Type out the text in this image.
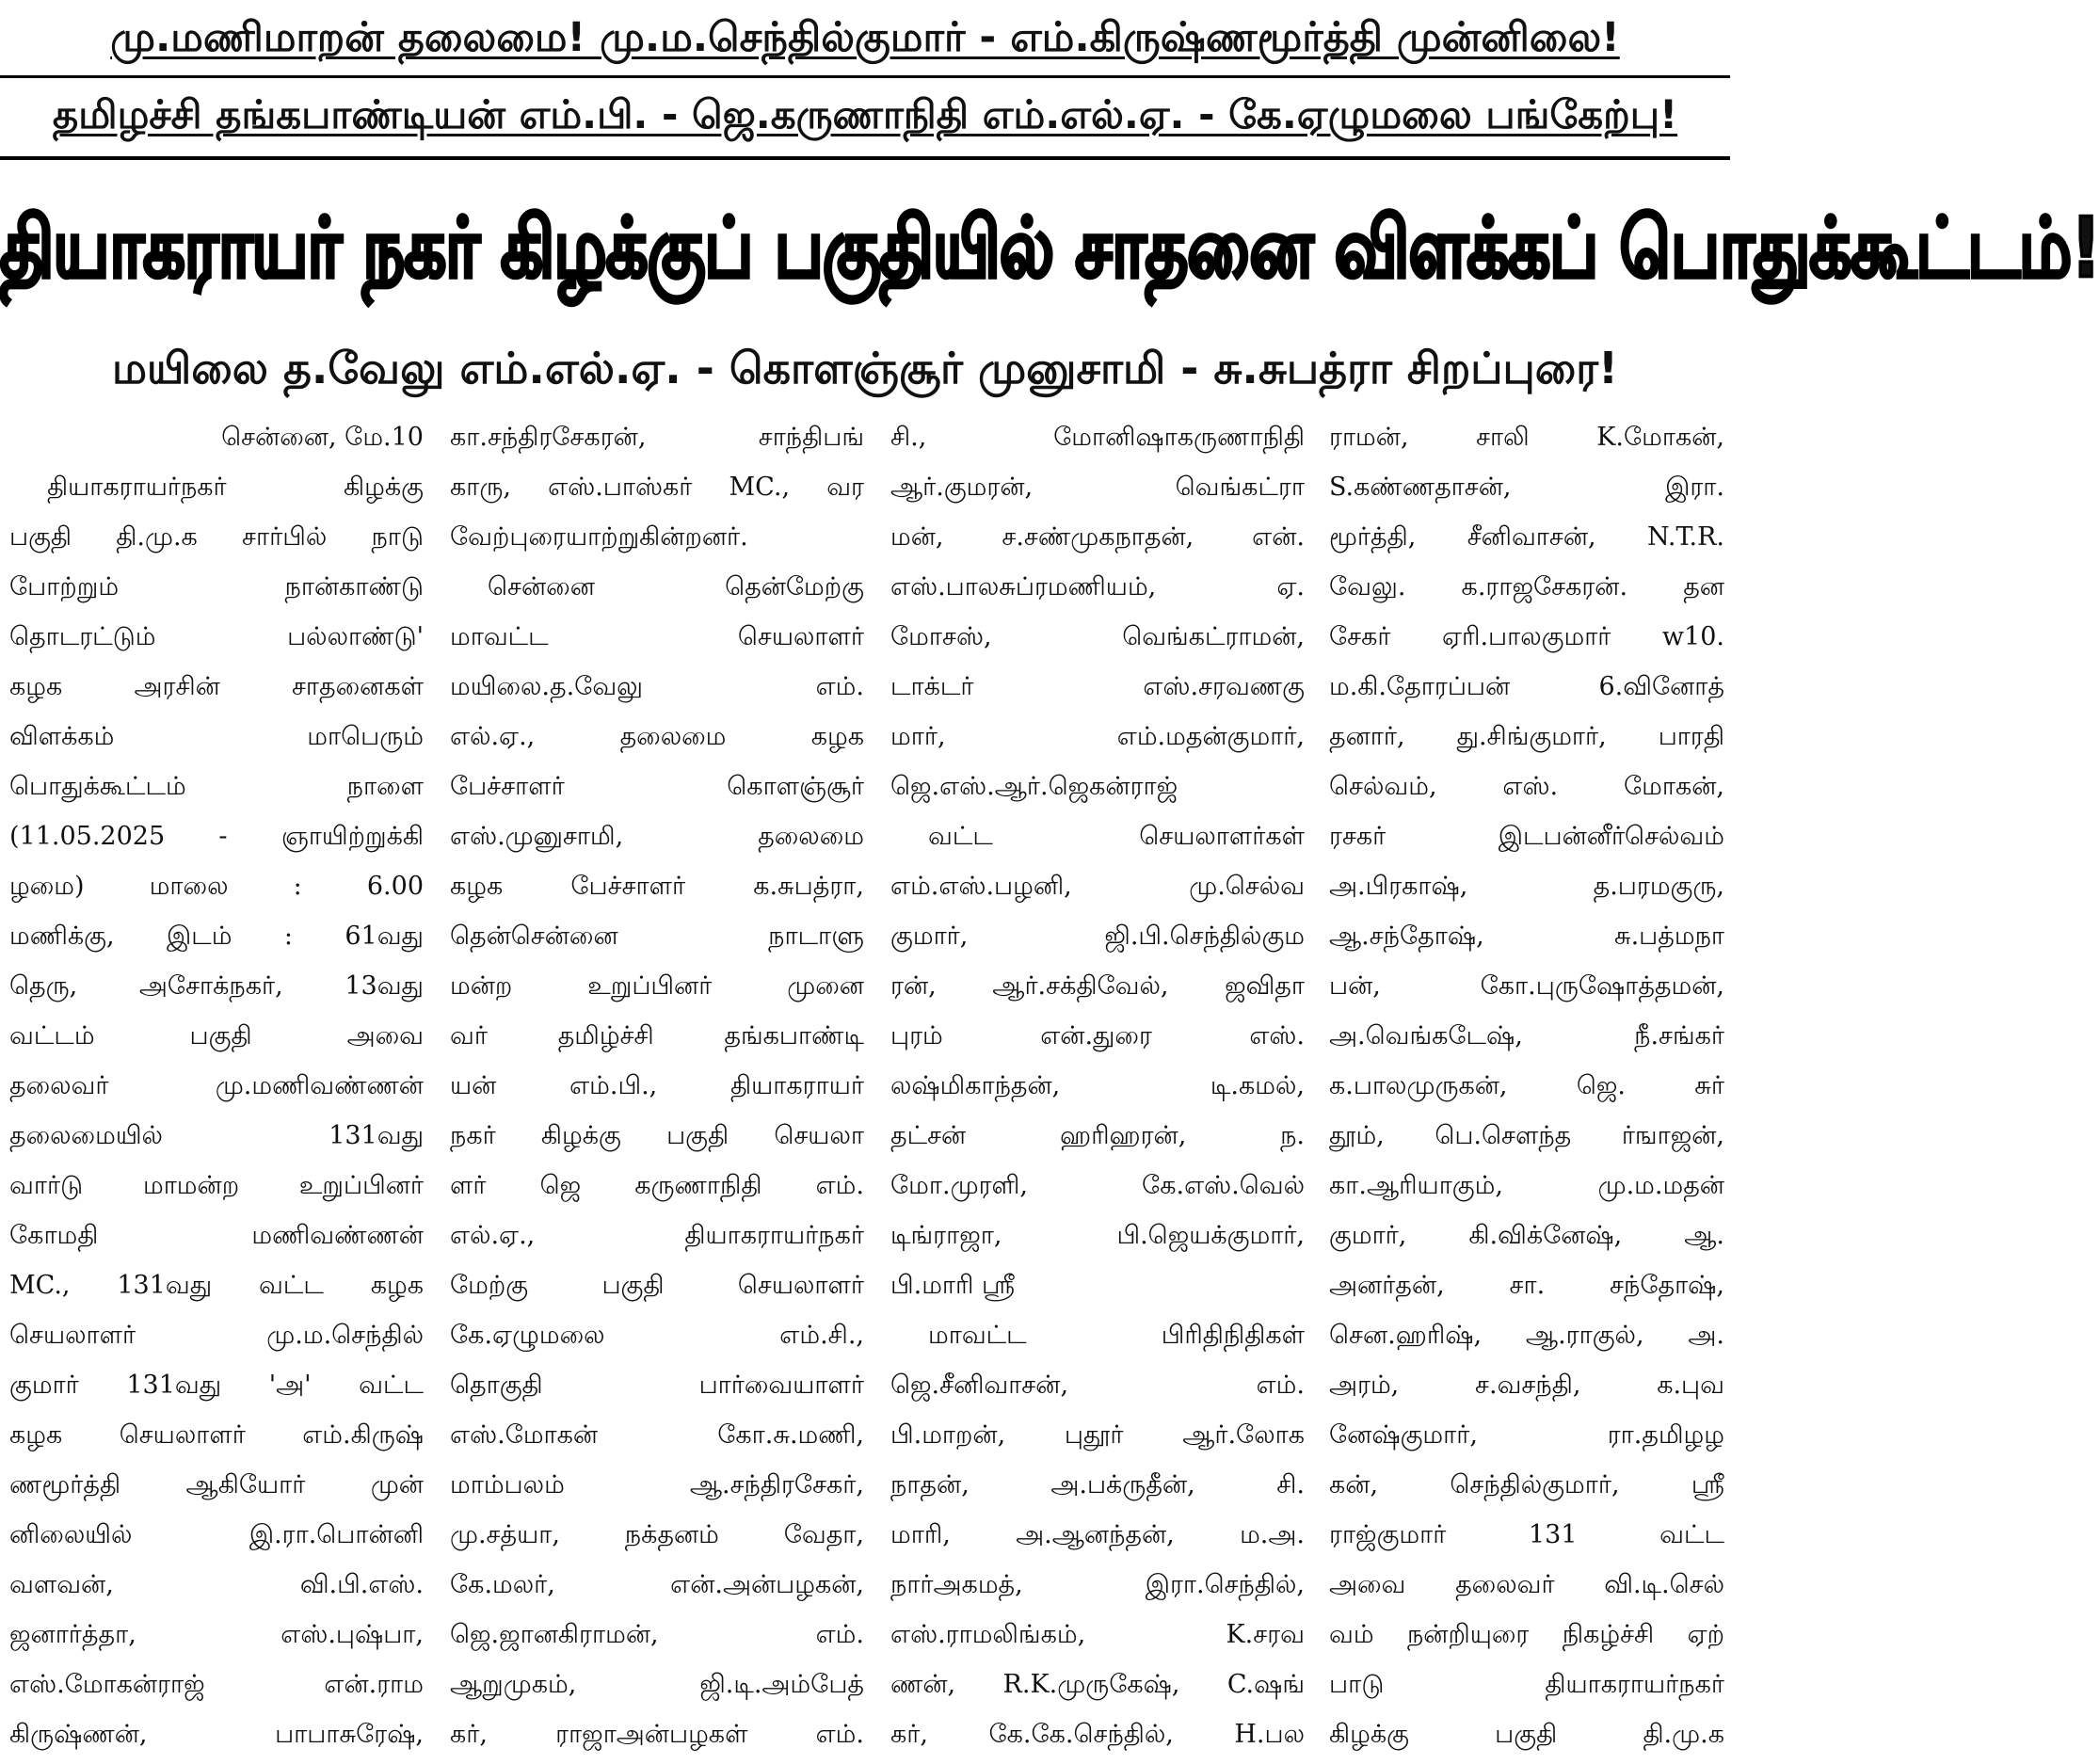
மு.மணிமாறன் தலைமை! மு.ம.செந்தில்குமார் - எம்.கிருஷ்ணமூர்த்தி முன்னிலை!
தமிழச்சி தங்கபாண்டியன் எம்.பி. - ஜெ.கருணாநிதி எம்.எல்.ஏ. - கே.ஏழுமலை பங்கேற்பு!
தியாகராயர் நகர் கிழக்குப் பகுதியில் சாதனை விளக்கப் பொதுக்கூட்டம்!
மயிலை த.வேலு எம்.எல்.ஏ. - கொளஞ்சூர் முனுசாமி - சு.சுபத்ரா சிறப்புரை!
சென்னை, மே.10
தியாகராயர்நகர்	கிழக்கு
பகுதி தி.மு.க சார்பில் நாடு
போற்றும்	நான்காண்டு
தொடரட்டும்	பல்லாண்டு'
கழக	அரசின்	சாதனைகள்
விளக்கம்	மாபெரும்
பொதுக்கூட்டம்	நாளை
(11.05.2025 - ஞாயிற்றுக்கி
ழமை)	மாலை	:	6.00
மணிக்கு, இடம் : 61வது
தெரு, அசோக்நகர், 13வது
வட்டம்	பகுதி	அவை
தலைவர்	மு.மணிவண்ணன்
தலைமையில்	131வது
வார்டு மாமன்ற உறுப்பினர்
கோமதி	மணிவண்ணன்
MC., 131வது வட்ட கழக
செயலாளர்	மு.ம.செந்தில்
குமார் 131வது 'அ' வட்ட
கழக செயலாளர் எம்.கிருஷ்
ணமூர்த்தி	ஆகியோர்	முன்
னிலையில்	இ.ரா.பொன்னி
வளவன்,	வி.பி.எஸ்.
ஜனார்த்தா,	எஸ்.புஷ்பா,
எஸ்.மோகன்ராஜ்	என்.ராம
கிருஷ்ணன்,	பாபாசுரேஷ்,
கா.சந்திரசேகரன்,	சாந்திபங்
காரு, எஸ்.பாஸ்கர் MC., வர
வேற்புரையாற்றுகின்றனர்.
சென்னை	தென்மேற்கு
மாவட்ட	செயலாளர்
மயிலை.த.வேலு	எம்.
எல்.ஏ.,	தலைமை	கழக
பேச்சாளர்	கொளஞ்சூர்
எஸ்.முனுசாமி,	தலைமை
கழக	பேச்சாளர்	க.சுபத்ரா,
தென்சென்னை	நாடாளு
மன்ற	உறுப்பினர்	முனை
வர்	தமிழ்ச்சி	தங்கபாண்டி
யன்	எம்.பி.,	தியாகராயர்
நகர் கிழக்கு பகுதி செயலா
ளர் ஜெ கருணாநிதி எம்.
எல்.ஏ.,	தியாகராயர்நகர்
மேற்கு	பகுதி	செயலாளர்
கே.ஏழுமலை	எம்.சி.,
தொகுதி	பார்வையாளர்
எஸ்.மோகன்	கோ.சு.மணி,
மாம்பலம்	ஆ.சந்திரசேகர்,
மு.சத்யா,	நக்தனம்	வேதா,
கே.மலர்,	என்.அன்பழகன்,
ஜெ.ஜானகிராமன்,	எம்.
ஆறுமுகம்,	ஜி.டி.அம்பேத்
கர்,	ராஜாஅன்பழகள்	எம்.
சி.,	மோனிஷாகருணாநிதி
ஆர்.குமரன்,	வெங்கட்ரா
மன், ச.சண்முகநாதன், என்.
எஸ்.பாலசுப்ரமணியம்,	ஏ.
மோசஸ்,	வெங்கட்ராமன்,
டாக்டர்	எஸ்.சரவணகு
மார்,	எம்.மதன்குமார்,
ஜெ.எஸ்.ஆர்.ஜெகன்ராஜ்
வட்ட	செயலாளர்கள்
எம்.எஸ்.பழனி,	மு.செல்வ
குமார்,	ஜி.பி.செந்தில்கும
ரன், ஆர்.சக்திவேல், ஜவிதா
புரம்	என்.துரை	எஸ்.
லஷ்மிகாந்தன்,	டி.கமல்,
தட்சன்	ஹரிஹரன்,	ந.
மோ.முரளி,	கே.எஸ்.வெல்
டிங்ராஜா,	பி.ஜெயக்குமார்,
பி.மாரி ஸ்ரீ
மாவட்ட	பிரிதிநிதிகள்
ஜெ.சீனிவாசன்,	எம்.
பி.மாறன், புதூர் ஆர்.லோக
நாதன்,	அ.பக்ருதீன்,	சி.
மாரி,	அ.ஆனந்தன்,	ம.அ.
நார்அகமத்,	இரா.செந்தில்,
எஸ்.ராமலிங்கம்,	K.சரவ
ணன், R.K.முருகேஷ், C.ஷங்
கர், கே.கே.செந்தில், H.பல
ராமன்,	சாலி	K.மோகன்,
S.கண்ணதாசன்,	இரா.
மூர்த்தி, சீனிவாசன், N.T.R.
வேலு. க.ராஜசேகரன். தன
சேகர் ஏரி.பாலகுமார் w10.
ம.கி.தோரப்பன்	6.வினோத்
தனார், து.சிங்குமார், பாரதி
செல்வம்,	எஸ்.	மோகன்,
ரசகர்	இடபன்னீர்செல்வம்
அ.பிரகாஷ்,	த.பரமகுரு,
ஆ.சந்தோஷ்,	சு.பத்மநா
பன்,	கோ.புருஷோத்தமன்,
அ.வெங்கடேஷ்,	நீ.சங்கர்
க.பாலமுருகன்,	ஜெ.	சுர்
தூம், பெ.சௌந்த ர்ஙாஜன்,
கா.ஆரியாகும்,	மு.ம.மதன்
குமார், கி.விக்னேஷ், ஆ.
அனர்தன்,	சா.	சந்தோஷ்,
சென.ஹரிஷ், ஆ.ராகுல், அ.
அரம்,	ச.வசந்தி,	க.புவ
னேஷ்குமார்,	ரா.தமிழழ
கன்,	செந்தில்குமார்,	ஸ்ரீ
ராஜ்குமார்	131	வட்ட
அவை தலைவர் வி.டி.செல்
வம் நன்றியுரை நிகழ்ச்சி ஏற்
பாடு	தியாகராயர்நகர்
கிழக்கு	பகுதி	தி.மு.க
